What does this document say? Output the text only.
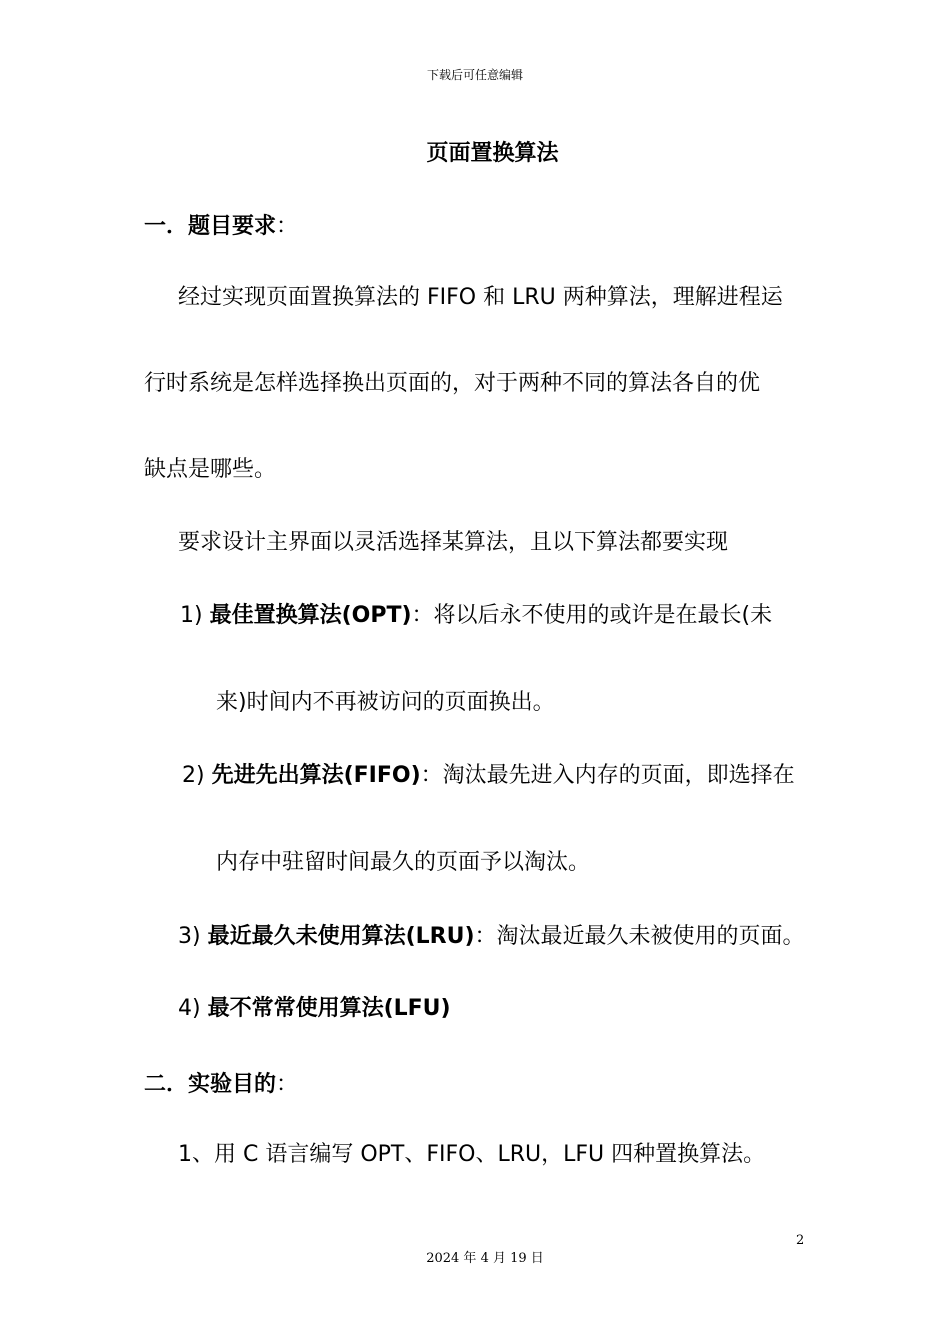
下载后可任意编辑
页面置换算法
一．题目要求：
经过实现页面置换算法的 FIFO 和 LRU 两种算法，理解进程运
行时系统是怎样选择换出页面的，对于两种不同的算法各自的优
缺点是哪些。
要求设计主界面以灵活选择某算法，且以下算法都要实现
1) 最佳置换算法(OPT)：将以后永不使用的或许是在最长(未
来)时间内不再被访问的页面换出。
2) 先进先出算法(FIFO)：淘汰最先进入内存的页面，即选择在
内存中驻留时间最久的页面予以淘汰。
3) 最近最久未使用算法(LRU)：淘汰最近最久未被使用的页面。
4) 最不常常使用算法(LFU)
二．实验目的：
1、用 C 语言编写 OPT、FIFO、LRU，LFU 四种置换算法。
2
2024 年 4 月 19 日
